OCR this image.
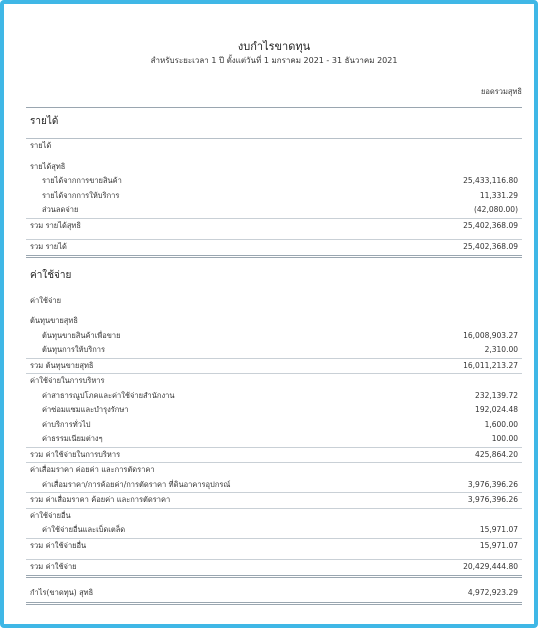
งบกำไรขาดทุน
สำหรับระยะเวลา 1 ปี ตั้งแต่วันที่ 1 มกราคม 2021 - 31 ธันวาคม 2021
ยอดรวมสุทธิ
รายได้
รายได้
รายได้สุทธิ
รายได้จากการขายสินค้า	25,433,116.80
รายได้จากการให้บริการ	11,331.29
ส่วนลดจ่าย	(42,080.00)
รวม รายได้สุทธิ	25,402,368.09
รวม รายได้	25,402,368.09
ค่าใช้จ่าย
ค่าใช้จ่าย
ต้นทุนขายสุทธิ
ต้นทุนขายสินค้าเพื่อขาย	16,008,903.27
ต้นทุนการให้บริการ	2,310.00
รวม ต้นทุนขายสุทธิ	16,011,213.27
ค่าใช้จ่ายในการบริหาร
ค่าสาธารณูปโภคและค่าใช้จ่ายสำนักงาน	232,139.72
ค่าซ่อมแซมและบำรุงรักษา	192,024.48
ค่าบริการทั่วไป	1,600.00
ค่าธรรมเนียมต่างๆ	100.00
รวม ค่าใช้จ่ายในการบริหาร	425,864.20
ค่าเสื่อมราคา ค่อยค่า และการตัดราคา
ค่าเสื่อมราคา/การค้อยค่า/การตัดราคา ที่ดินอาคารอุปกรณ์	3,976,396.26
รวม ค่าเสื่อมราคา ค้อยค่า และการตัดราคา	3,976,396.26
ค่าใช้จ่ายอื่น
ค่าใช้จ่ายอื่นและเบ็ดเตล็ด	15,971.07
รวม ค่าใช้จ่ายอื่น	15,971.07
รวม ค่าใช้จ่าย	20,429,444.80
กำไร(ขาดทุน) สุทธิ	4,972,923.29
